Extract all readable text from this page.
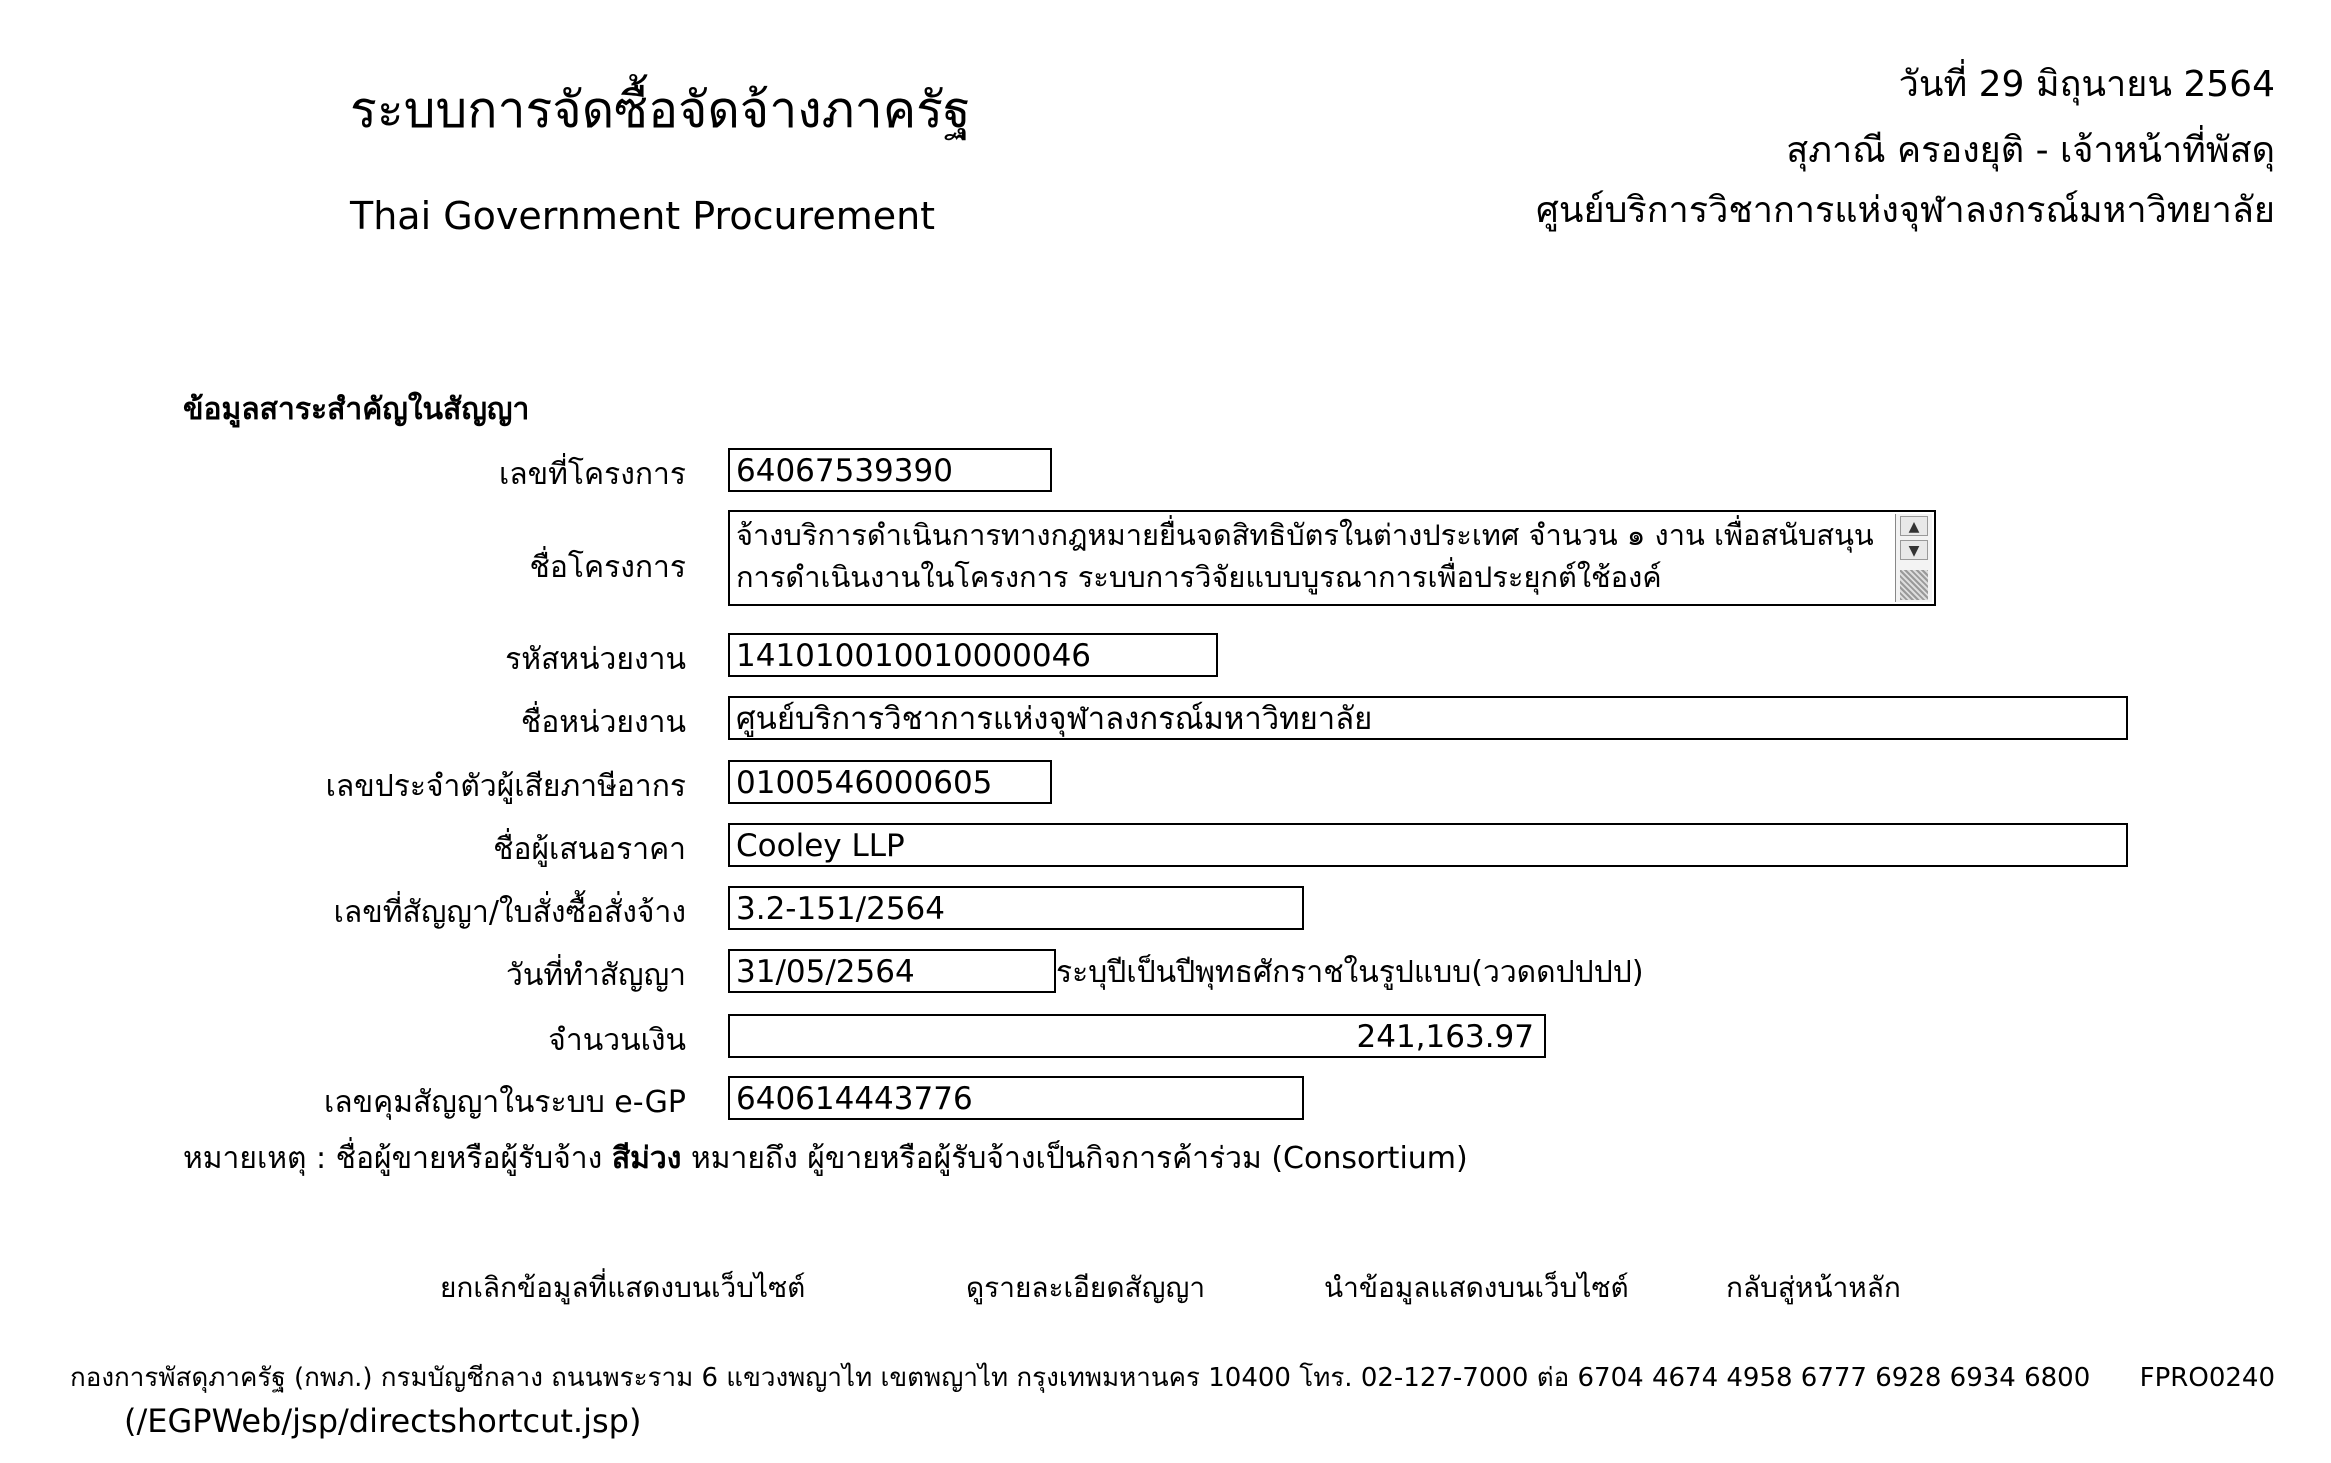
ระบบการจัดซื้อจัดจ้างภาครัฐ
Thai Government Procurement
วันที่ 29 มิถุนายน 2564
สุภาณี ครองยุติ - เจ้าหน้าที่พัสดุ
ศูนย์บริการวิชาการแห่งจุฬาลงกรณ์มหาวิทยาลัย
ข้อมูลสาระสำคัญในสัญญา
เลขที่โครงการ 64067539390
ชื่อโครงการ
จ้างบริการดำเนินการทางกฎหมายยื่นจดสิทธิบัตรในต่างประเทศ จำนวน ๑ งาน เพื่อสนับสนุนการดำเนินงานในโครงการ ระบบการวิจัยแบบบูรณาการเพื่อประยุกต์ใช้องค์
▲
▼
รหัสหน่วยงาน 141010010010000046
ชื่อหน่วยงาน ศูนย์บริการวิชาการแห่งจุฬาลงกรณ์มหาวิทยาลัย
เลขประจำตัวผู้เสียภาษีอากร 0100546000605
ชื่อผู้เสนอราคา Cooley LLP
เลขที่สัญญา/ใบสั่งซื้อสั่งจ้าง 3.2-151/2564
วันที่ทำสัญญา 31/05/2564	ระบุปีเป็นปีพุทธศักราชในรูปแบบ(ววดดปปปป)
จำนวนเงิน	241,163.97
เลขคุมสัญญาในระบบ e-GP 640614443776
หมายเหตุ : ชื่อผู้ขายหรือผู้รับจ้าง สีม่วง หมายถึง ผู้ขายหรือผู้รับจ้างเป็นกิจการค้าร่วม (Consortium)
ยกเลิกข้อมูลที่แสดงบนเว็บไซต์	ดูรายละเอียดสัญญา	นำข้อมูลแสดงบนเว็บไซต์	กลับสู่หน้าหลัก
กองการพัสดุภาครัฐ (กพภ.) กรมบัญชีกลาง ถนนพระราม 6 แขวงพญาไท เขตพญาไท กรุงเทพมหานคร 10400 โทร. 02-127-7000 ต่อ 6704 4674 4958 6777 6928 6934 6800 FPRO0240
(/EGPWeb/jsp/directshortcut.jsp)
